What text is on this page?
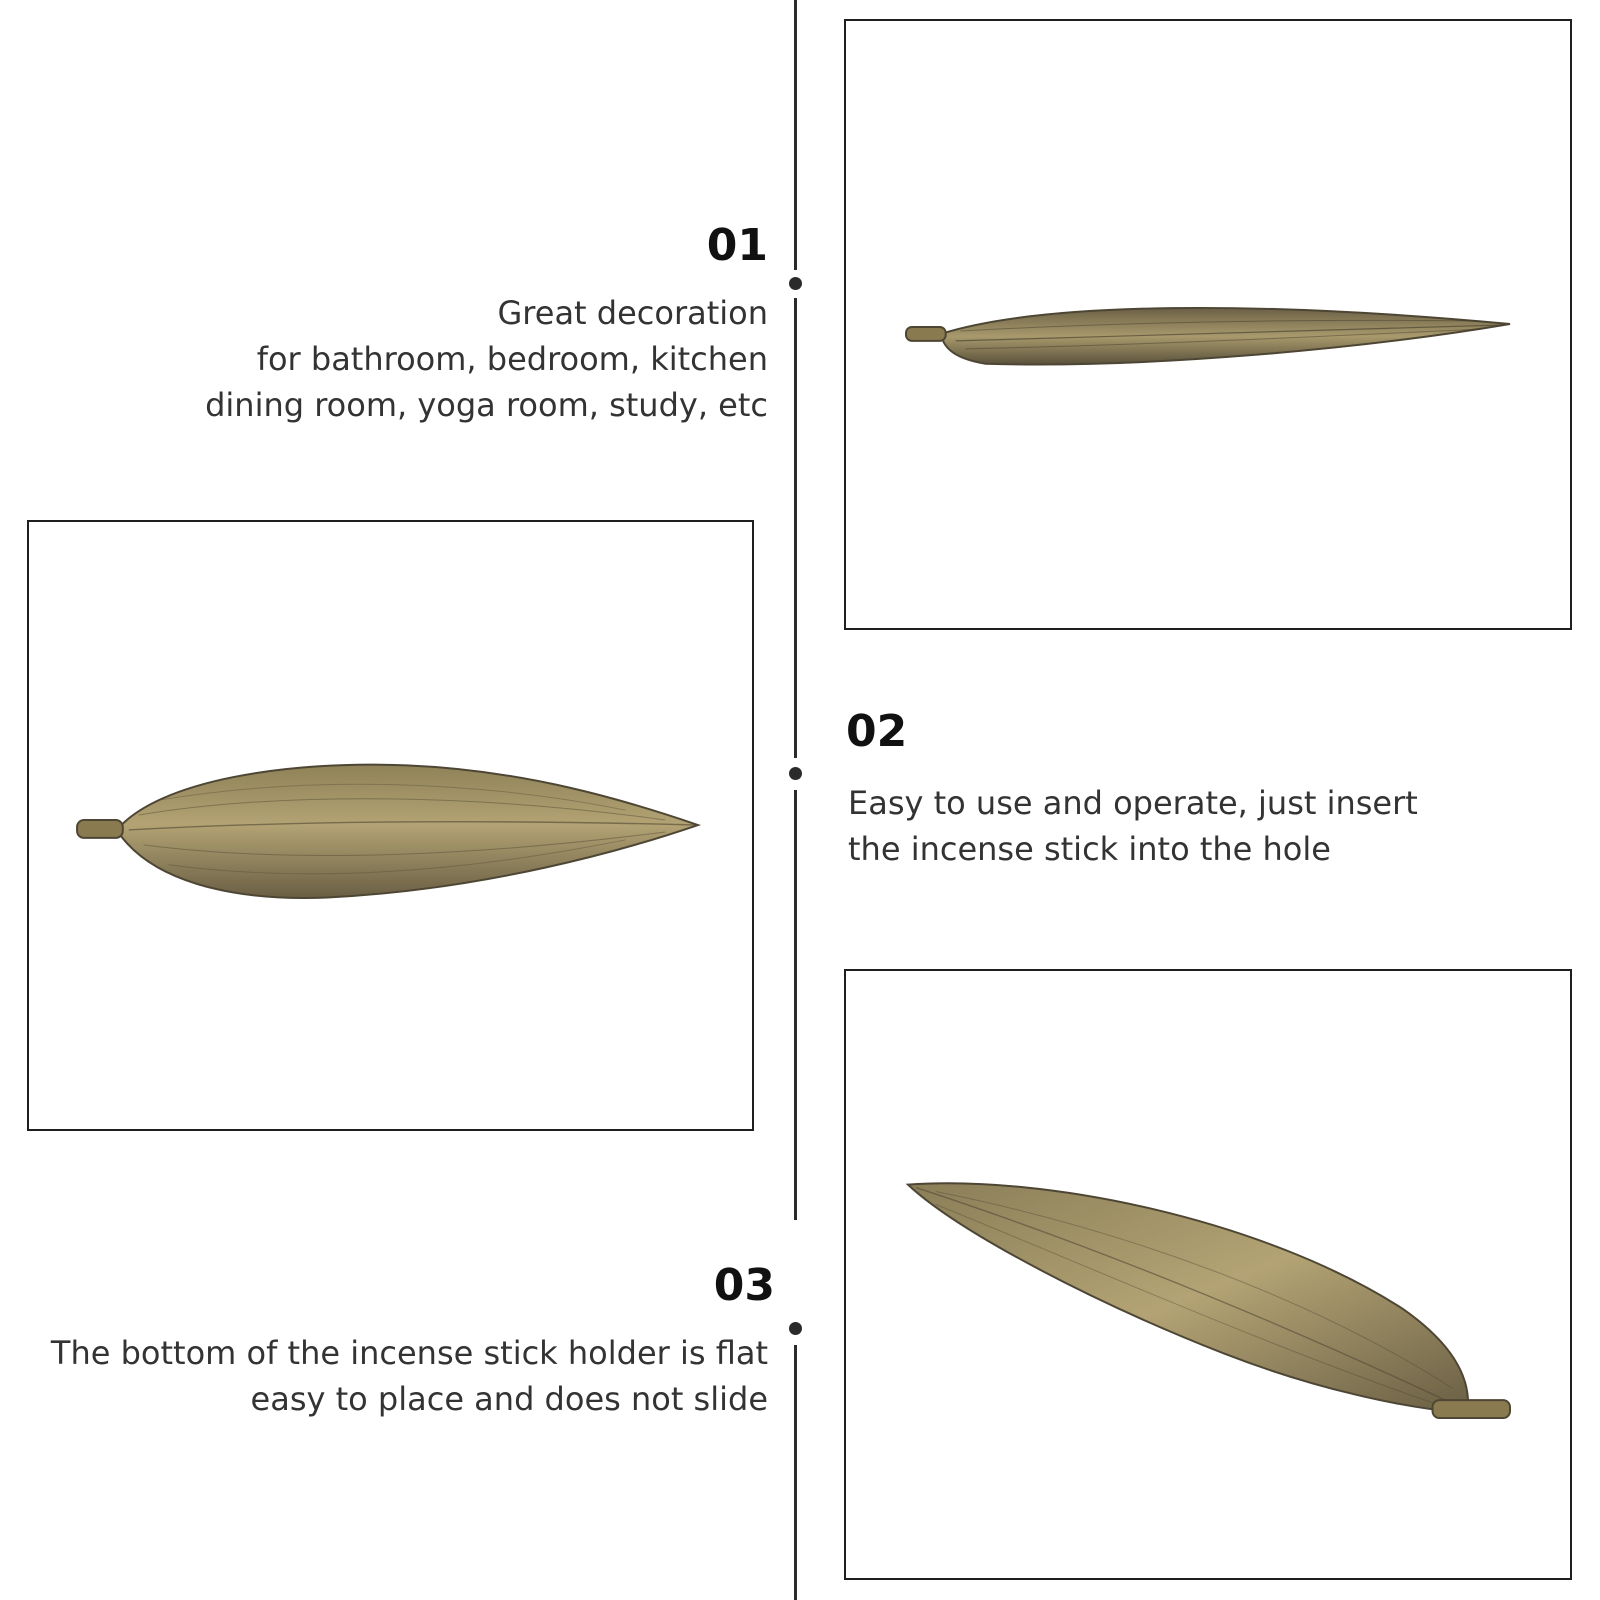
01
Great decoration
for bathroom, bedroom, kitchen
dining room, yoga room, study, etc
02
Easy to use and operate, just insert
the incense stick into the hole
03
The bottom of the incense stick holder is flat
easy to place and does not slide
